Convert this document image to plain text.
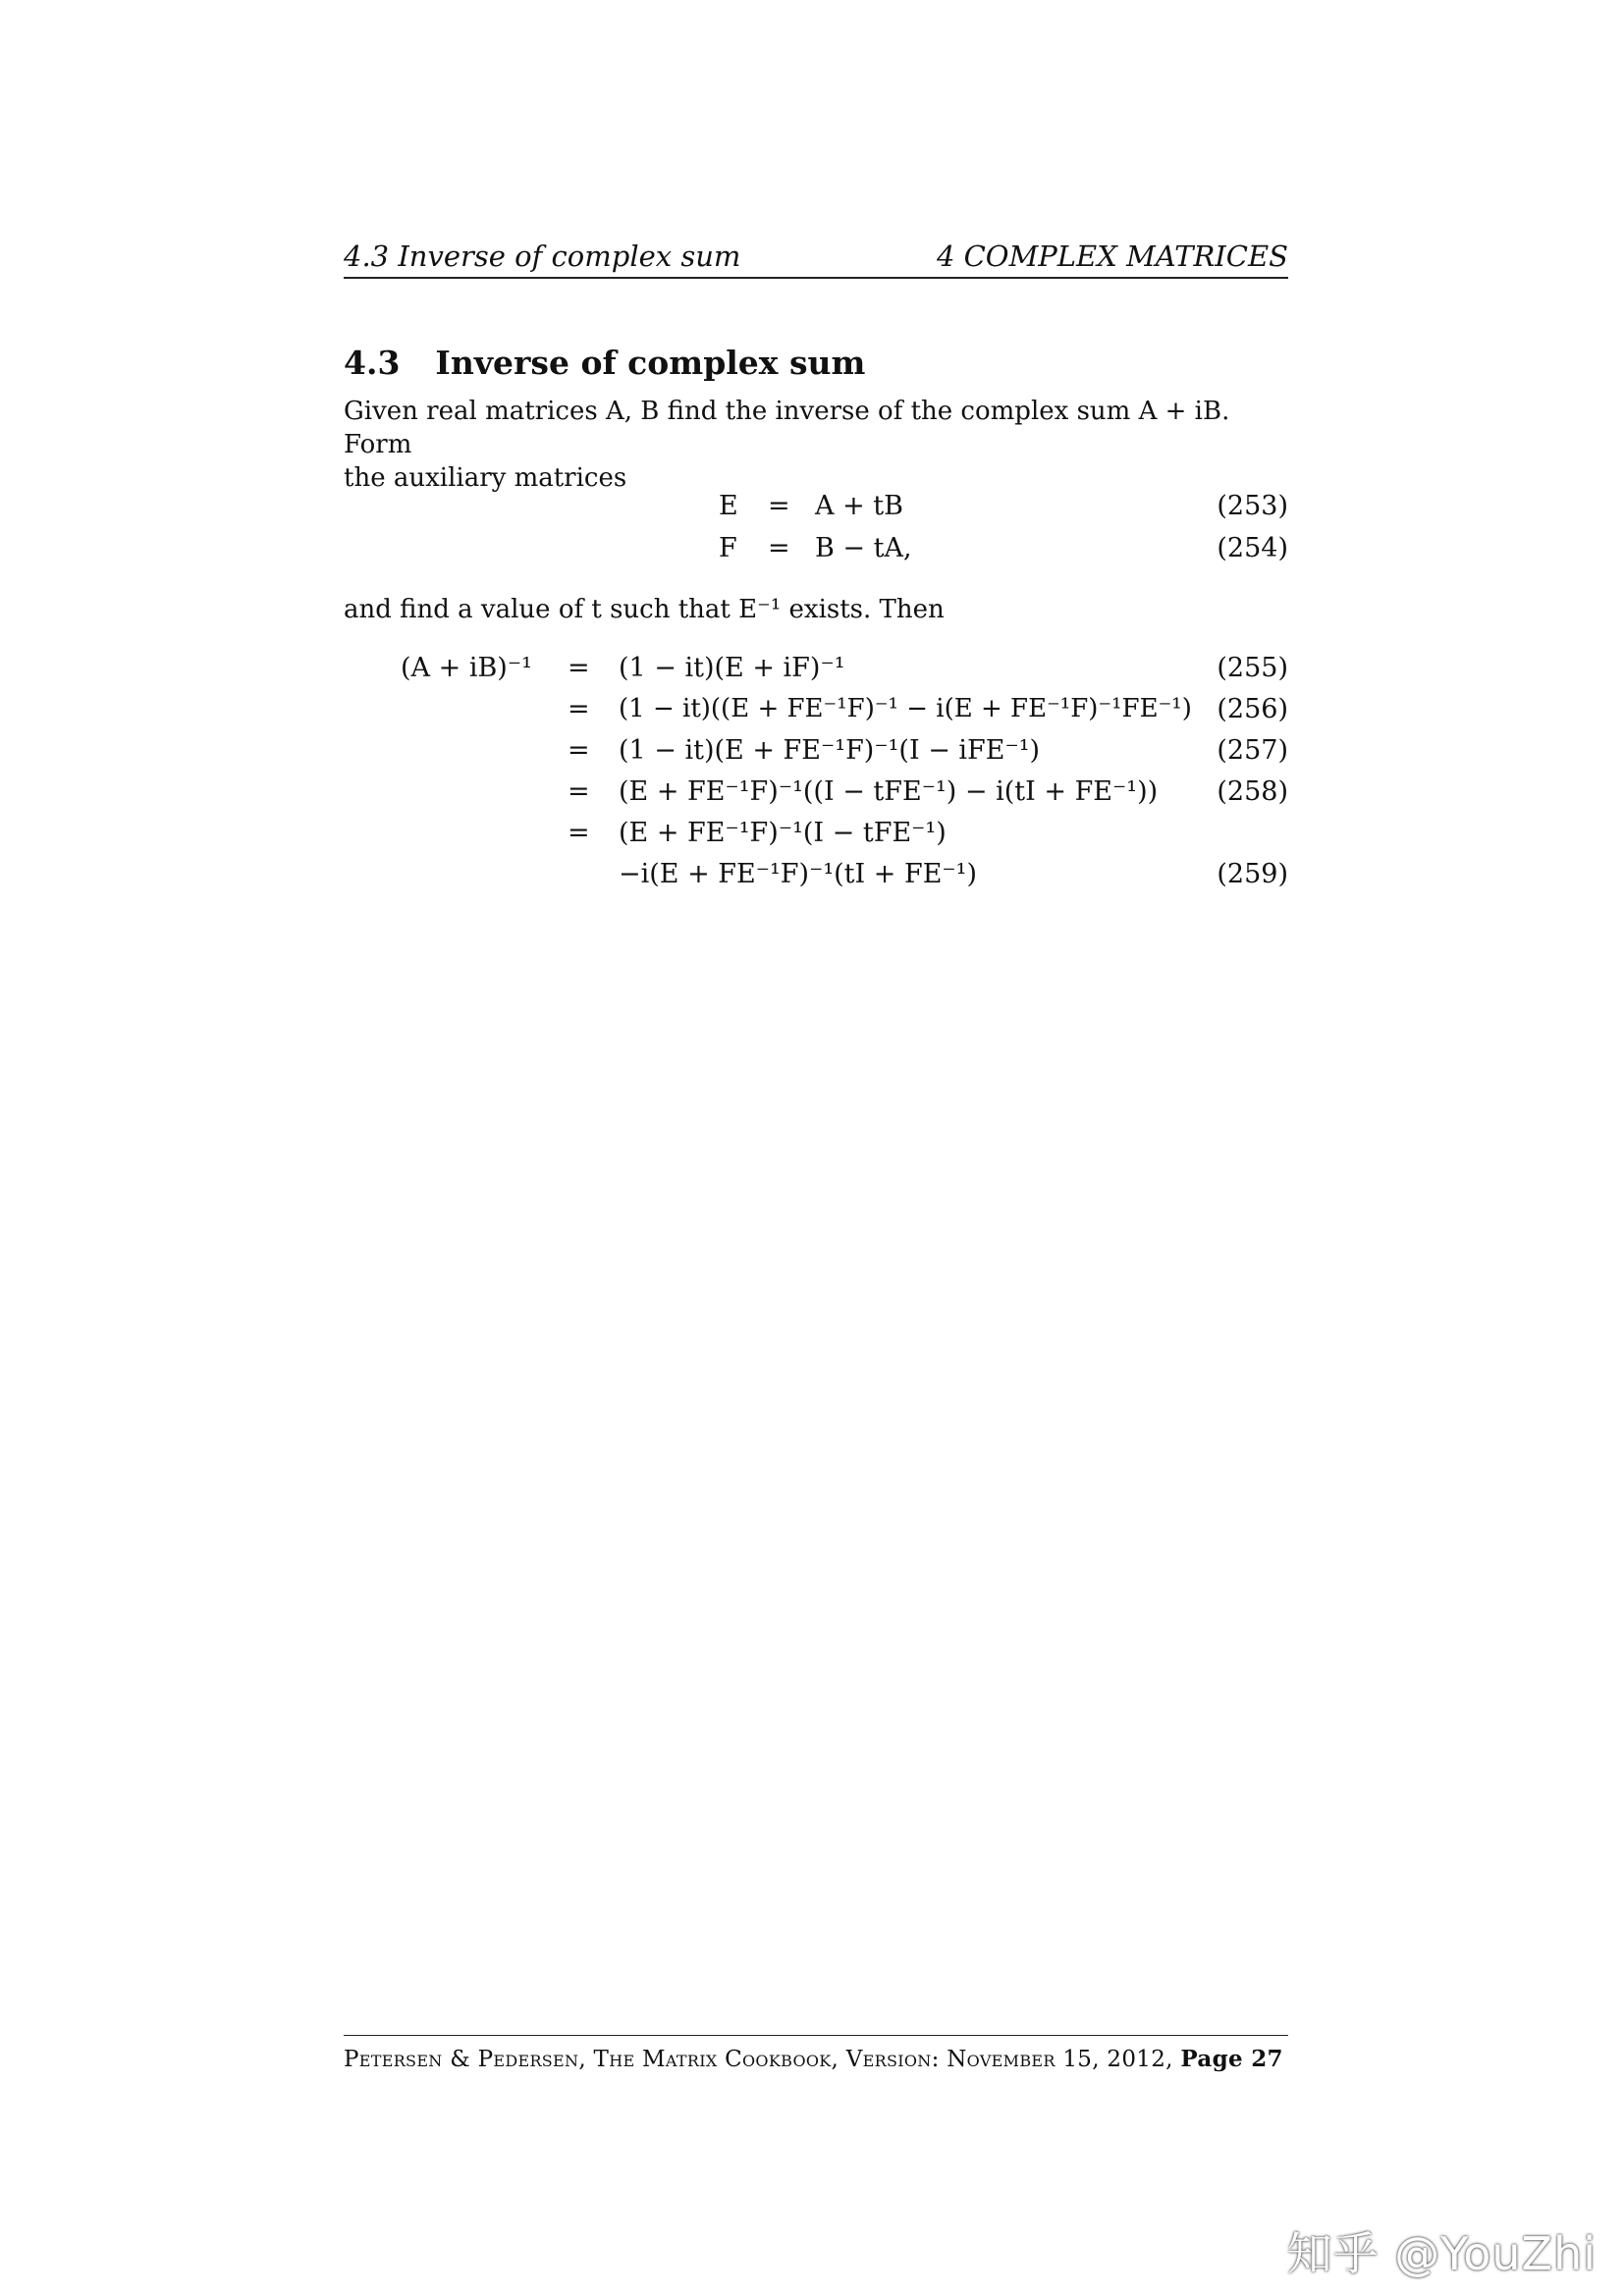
4.3 Inverse of complex sum	4 COMPLEX MATRICES
4.3 Inverse of complex sum
Given real matrices A, B find the inverse of the complex sum A + iB. Form
the auxiliary matrices
E = A + tB	(253)
F = B − tA,	(254)
and find a value of t such that E⁻¹ exists. Then
(A + iB)⁻¹ = (1 − it)(E + iF)⁻¹	(255)
= (1 − it)((E + FE⁻¹F)⁻¹ − i(E + FE⁻¹F)⁻¹FE⁻¹) (256)
= (1 − it)(E + FE⁻¹F)⁻¹(I − iFE⁻¹)	(257)
= (E + FE⁻¹F)⁻¹((I − tFE⁻¹) − i(tI + FE⁻¹)) (258)
= (E + FE⁻¹F)⁻¹(I − tFE⁻¹)
−i(E + FE⁻¹F)⁻¹(tI + FE⁻¹)	(259)
Petersen & Pedersen, The Matrix Cookbook, Version: November 15, 2012, Page 27
知乎 @YouZhi
